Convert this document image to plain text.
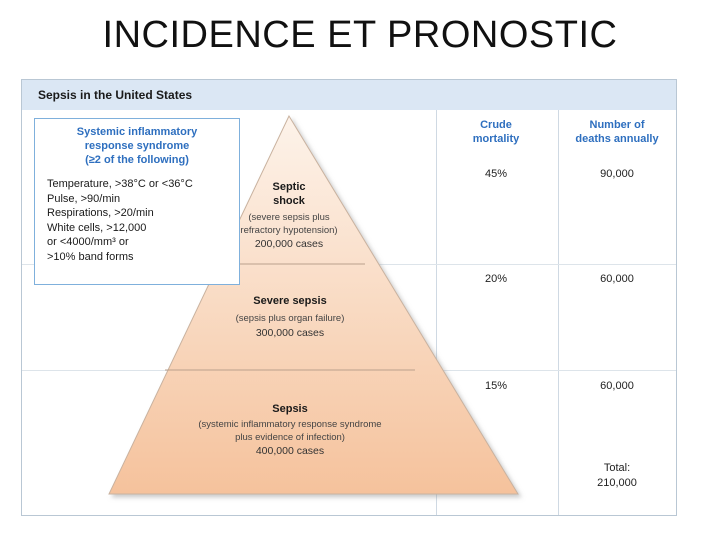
INCIDENCE ET PRONOSTIC
Sepsis in the United States
Systemic inflammatory
response syndrome
(≥2 of the following)
Temperature, >38°C or <36°C
Pulse, >90/min
Respirations, >20/min
White cells, >12,000
or <4000/mm³ or
>10% band forms
Crude
mortality
Number of
deaths annually
Septic
shock
(severe sepsis plus
refractory hypotension)
200,000 cases
Severe sepsis
(sepsis plus organ failure)
300,000 cases
Sepsis
(systemic inflammatory response syndrome
plus evidence of infection)
400,000 cases
45%	90,000
20%	60,000
15%	60,000
Total:
210,000
